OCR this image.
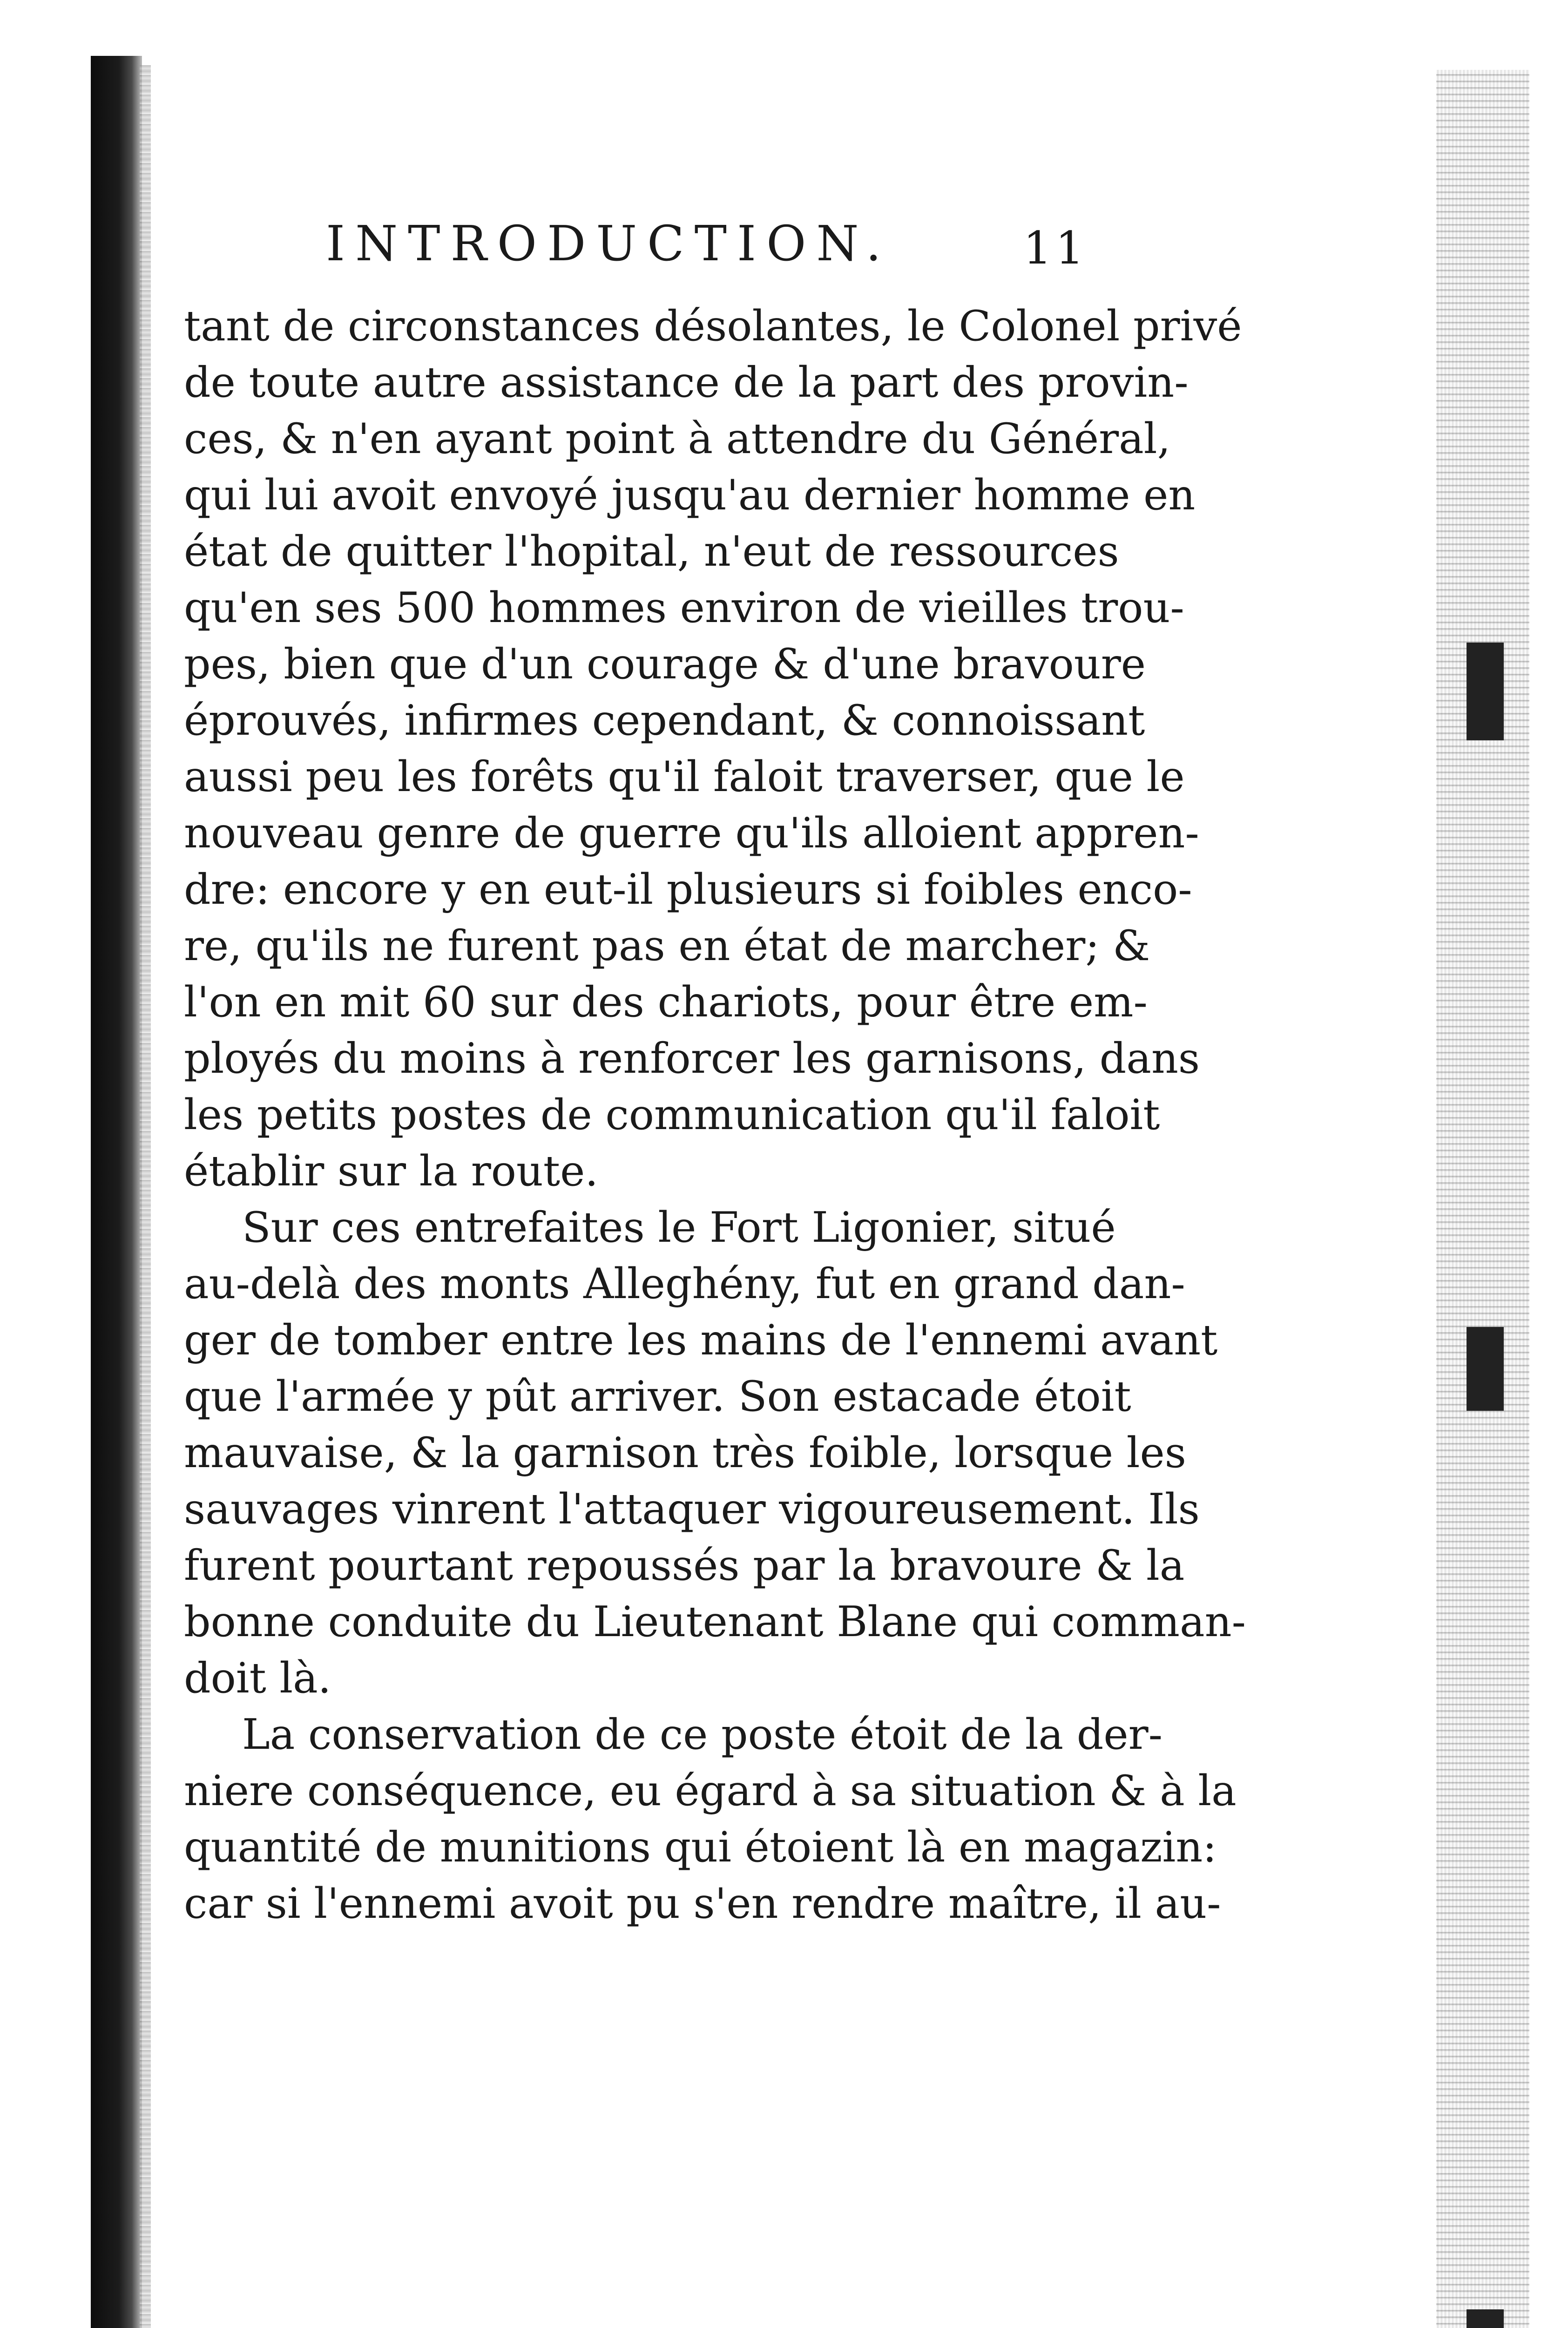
INTRODUCTION.	11
tant de circonstances désolantes, le Colonel privé
de toute autre assistance de la part des provin-
ces, & n'en ayant point à attendre du Général,
qui lui avoit envoyé jusqu'au dernier homme en
état de quitter l'hopital, n'eut de ressources
qu'en ses 500 hommes environ de vieilles trou-
pes, bien que d'un courage & d'une bravoure
éprouvés, infirmes cependant, & connoissant
aussi peu les forêts qu'il faloit traverser, que le
nouveau genre de guerre qu'ils alloient appren-
dre: encore y en eut-il plusieurs si foibles enco-
re, qu'ils ne furent pas en état de marcher; &
l'on en mit 60 sur des chariots, pour être em-
ployés du moins à renforcer les garnisons, dans
les petits postes de communication qu'il faloit
établir sur la route.
Sur ces entrefaites le Fort Ligonier, situé
au-delà des monts Alleghény, fut en grand dan-
ger de tomber entre les mains de l'ennemi avant
que l'armée y pût arriver. Son estacade étoit
mauvaise, & la garnison très foible, lorsque les
sauvages vinrent l'attaquer vigoureusement. Ils
furent pourtant repoussés par la bravoure & la
bonne conduite du Lieutenant Blane qui comman-
doit là.
La conservation de ce poste étoit de la der-
niere conséquence, eu égard à sa situation & à la
quantité de munitions qui étoient là en magazin:
car si l'ennemi avoit pu s'en rendre maître, il au-
